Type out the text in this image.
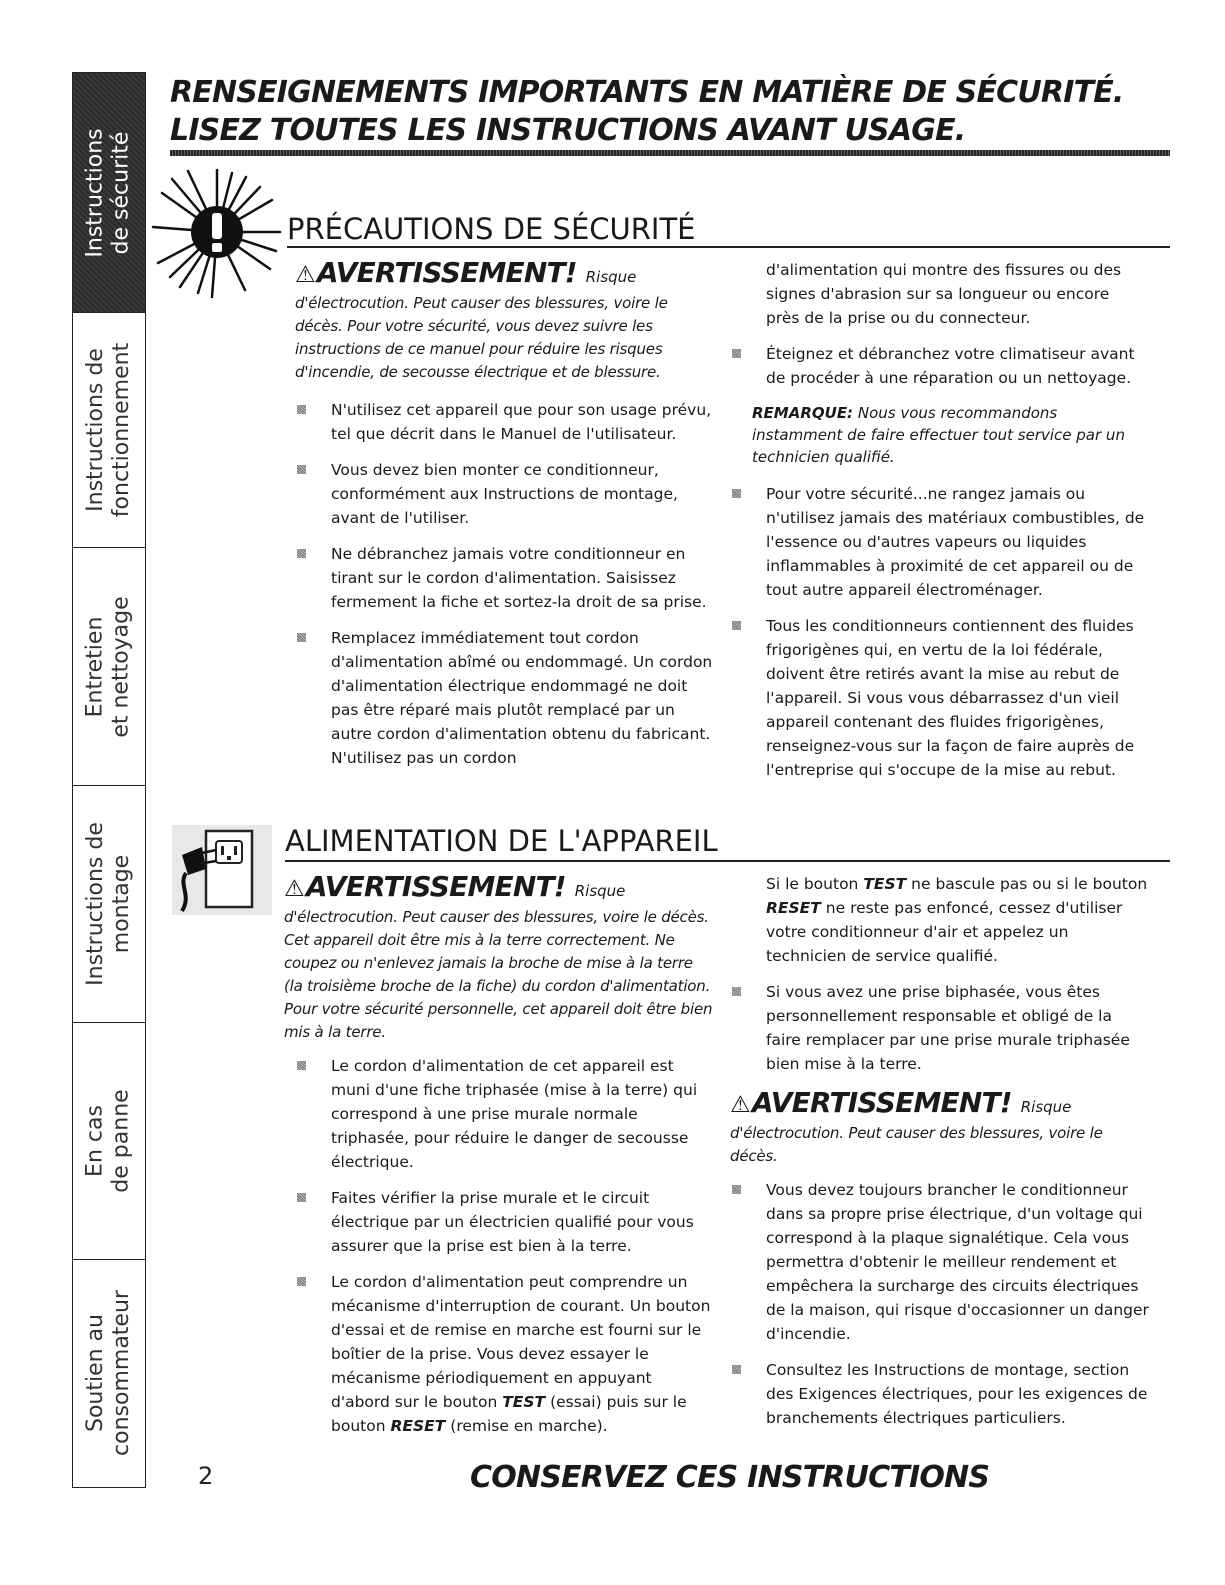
Instructions de sécurité
Instructions de fonctionnement
Entretien et nettoyage
Instructions de montage
En cas de panne
Soutien au consommateur
RENSEIGNEMENTS IMPORTANTS EN MATIÈRE DE SÉCURITÉ.
LISEZ TOUTES LES INSTRUCTIONS AVANT USAGE.
PRÉCAUTIONS DE SÉCURITÉ
⚠AVERTISSEMENT! Risque
d'électrocution. Peut causer des blessures, voire le décès. Pour votre sécurité, vous devez suivre les instructions de ce manuel pour réduire les risques d'incendie, de secousse électrique et de blessure.
N'utilisez cet appareil que pour son usage prévu, tel que décrit dans le Manuel de l'utilisateur.
Vous devez bien monter ce conditionneur, conformément aux Instructions de montage, avant de l'utiliser.
Ne débranchez jamais votre conditionneur en tirant sur le cordon d'alimentation. Saisissez fermement la fiche et sortez-la droit de sa prise.
Remplacez immédiatement tout cordon d'alimentation abîmé ou endommagé. Un cordon d'alimentation électrique endommagé ne doit pas être réparé mais plutôt remplacé par un autre cordon d'alimentation obtenu du fabricant. N'utilisez pas un cordon
d'alimentation qui montre des fissures ou des signes d'abrasion sur sa longueur ou encore près de la prise ou du connecteur.
Éteignez et débranchez votre climatiseur avant de procéder à une réparation ou un nettoyage.
REMARQUE: Nous vous recommandons instamment de faire effectuer tout service par un technicien qualifié.
Pour votre sécurité...ne rangez jamais ou n'utilisez jamais des matériaux combustibles, de l'essence ou d'autres vapeurs ou liquides inflammables à proximité de cet appareil ou de tout autre appareil électroménager.
Tous les conditionneurs contiennent des fluides frigorigènes qui, en vertu de la loi fédérale, doivent être retirés avant la mise au rebut de l'appareil. Si vous vous débarrassez d'un vieil appareil contenant des fluides frigorigènes, renseignez-vous sur la façon de faire auprès de l'entreprise qui s'occupe de la mise au rebut.
ALIMENTATION DE L'APPAREIL
⚠AVERTISSEMENT! Risque
d'électrocution. Peut causer des blessures, voire le décès. Cet appareil doit être mis à la terre correctement. Ne coupez ou n'enlevez jamais la broche de mise à la terre (la troisième broche de la fiche) du cordon d'alimentation. Pour votre sécurité personnelle, cet appareil doit être bien mis à la terre.
Le cordon d'alimentation de cet appareil est muni d'une fiche triphasée (mise à la terre) qui correspond à une prise murale normale triphasée, pour réduire le danger de secousse électrique.
Faites vérifier la prise murale et le circuit électrique par un électricien qualifié pour vous assurer que la prise est bien à la terre.
Le cordon d'alimentation peut comprendre un mécanisme d'interruption de courant. Un bouton d'essai et de remise en marche est fourni sur le boîtier de la prise. Vous devez essayer le mécanisme périodiquement en appuyant d'abord sur le bouton TEST (essai) puis sur le bouton RESET (remise en marche).
Si le bouton TEST ne bascule pas ou si le bouton RESET ne reste pas enfoncé, cessez d'utiliser votre conditionneur d'air et appelez un technicien de service qualifié.
Si vous avez une prise biphasée, vous êtes personnellement responsable et obligé de la faire remplacer par une prise murale triphasée bien mise à la terre.
⚠AVERTISSEMENT! Risque
d'électrocution. Peut causer des blessures, voire le décès.
Vous devez toujours brancher le conditionneur dans sa propre prise électrique, d'un voltage qui correspond à la plaque signalétique. Cela vous permettra d'obtenir le meilleur rendement et empêchera la surcharge des circuits électriques de la maison, qui risque d'occasionner un danger d'incendie.
Consultez les Instructions de montage, section des Exigences électriques, pour les exigences de branchements électriques particuliers.
2	CONSERVEZ CES INSTRUCTIONS
